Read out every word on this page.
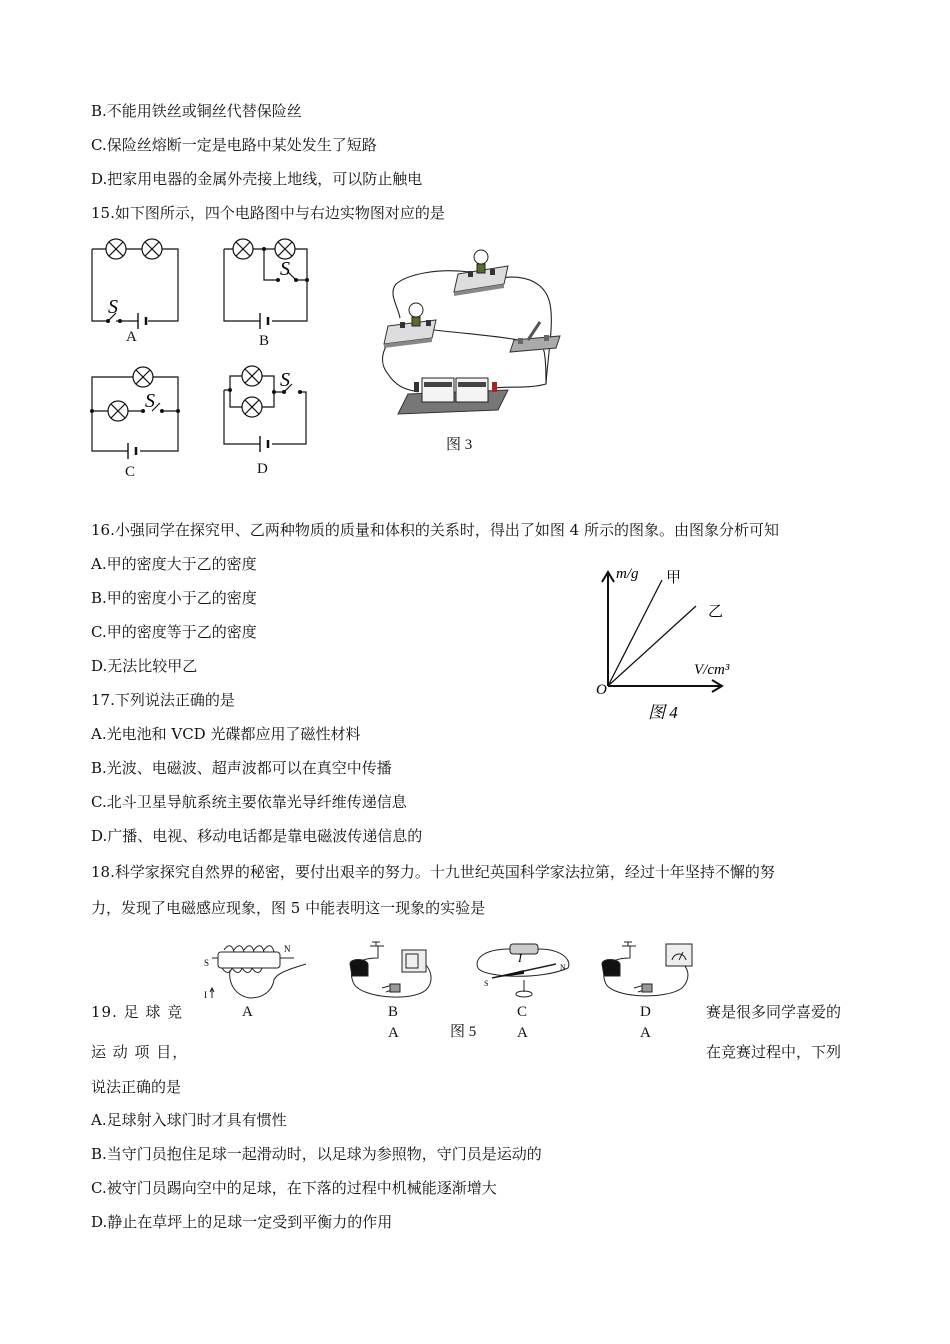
B.不能用铁丝或铜丝代替保险丝
C.保险丝熔断一定是电路中某处发生了短路
D.把家用电器的金属外壳接上地线，可以防止触电
15.如下图所示，四个电路图中与右边实物图对应的是
S
A
S
B
S
C
S
D
图 3
16.小强同学在探究甲、乙两种物质的质量和体积的关系时，得出了如图 4 所示的图象。由图象分析可知
A.甲的密度大于乙的密度
B.甲的密度小于乙的密度
C.甲的密度等于乙的密度
D.无法比较甲乙
m/g 甲
乙
V/cm³
O
图 4
17.下列说法正确的是
A.光电池和 VCD 光碟都应用了磁性材料
B.光波、电磁波、超声波都可以在真空中传播
C.北斗卫星导航系统主要依靠光导纤维传递信息
D.广播、电视、移动电话都是靠电磁波传递信息的
18.科学家探究自然界的秘密，要付出艰辛的努力。十九世纪英国科学家法拉第，经过十年坚持不懈的努
力，发现了电磁感应现象，图 5 中能表明这一现象的实验是
S
N
I
A	B
A
I
S
N
C
A
D
A
图 5
19. 足 球 竞	赛是很多同学喜爱的
运 动 项 目，	在竞赛过程中，下列
说法正确的是
A.足球射入球门时才具有惯性
B.当守门员抱住足球一起滑动时，以足球为参照物，守门员是运动的
C.被守门员踢向空中的足球，在下落的过程中机械能逐渐增大
D.静止在草坪上的足球一定受到平衡力的作用
